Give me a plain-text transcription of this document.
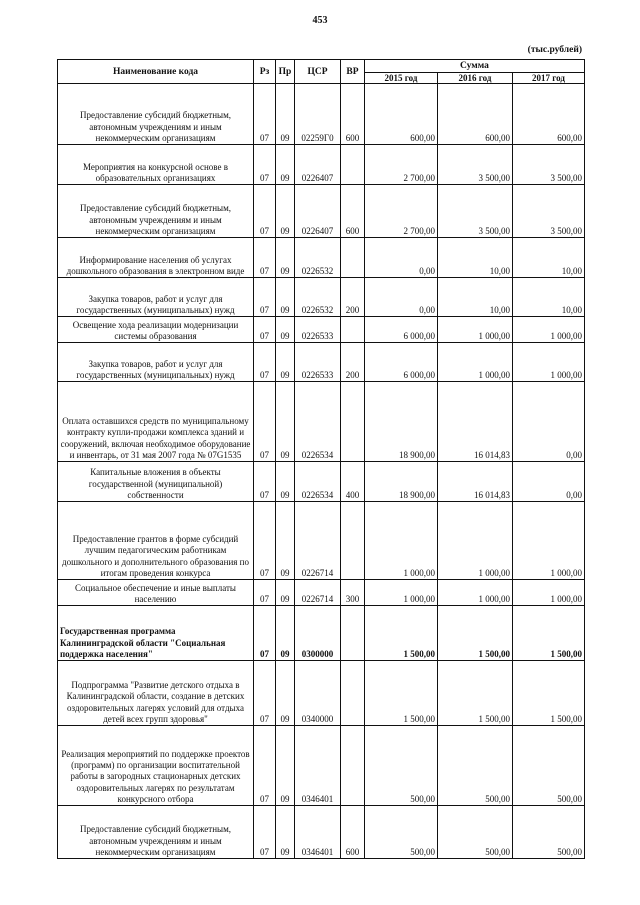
453
(тыс.рублей)
Наименование кода	Рз	Пр	ЦСР	ВР	Сумма		
					2015 год	2016 год	2017 год
Предоставление субсидий бюджетным, автономным учреждениям и иным некоммерческим организациям	07	09	02259Г0	600	600,00	600,00	600,00
Мероприятия на конкурсной основе в образовательных организациях	07	09	0226407		2 700,00	3 500,00	3 500,00
Предоставление субсидий бюджетным, автономным учреждениям и иным некоммерческим организациям	07	09	0226407	600	2 700,00	3 500,00	3 500,00
Информирование населения об услугах дошкольного образования в электронном виде	07	09	0226532		0,00	10,00	10,00
Закупка товаров, работ и услуг для государственных (муниципальных) нужд	07	09	0226532	200	0,00	10,00	10,00
Освещение хода реализации модернизации системы образования	07	09	0226533		6 000,00	1 000,00	1 000,00
Закупка товаров, работ и услуг для государственных (муниципальных) нужд	07	09	0226533	200	6 000,00	1 000,00	1 000,00
Оплата оставшихся средств по муниципальному контракту купли-продажи комплекса зданий и сооружений, включая необходимое оборудование и инвентарь, от 31 мая 2007 года № 07G1535	07	09	0226534		18 900,00	16 014,83	0,00
Капитальные вложения в объекты государственной (муниципальной) собственности	07	09	0226534	400	18 900,00	16 014,83	0,00
Предоставление грантов в форме субсидий лучшим педагогическим работникам дошкольного и дополнительного образования по итогам проведения конкурса	07	09	0226714		1 000,00	1 000,00	1 000,00
Социальное обеспечение и иные выплаты населению	07	09	0226714	300	1 000,00	1 000,00	1 000,00
Государственная программа Калининградской области "Социальная поддержка населения"	07	09	0300000		1 500,00	1 500,00	1 500,00
Подпрограмма "Развитие детского отдыха в Калининградской области, создание в детских оздоровительных лагерях условий для отдыха детей всех групп здоровья"	07	09	0340000		1 500,00	1 500,00	1 500,00
Реализация мероприятий по поддержке проектов (программ) по организации воспитательной работы в загородных стационарных детских оздоровительных лагерях по результатам конкурсного отбора	07	09	0346401		500,00	500,00	500,00
Предоставление субсидий бюджетным, автономным учреждениям и иным некоммерческим организациям	07	09	0346401	600	500,00	500,00	500,00
